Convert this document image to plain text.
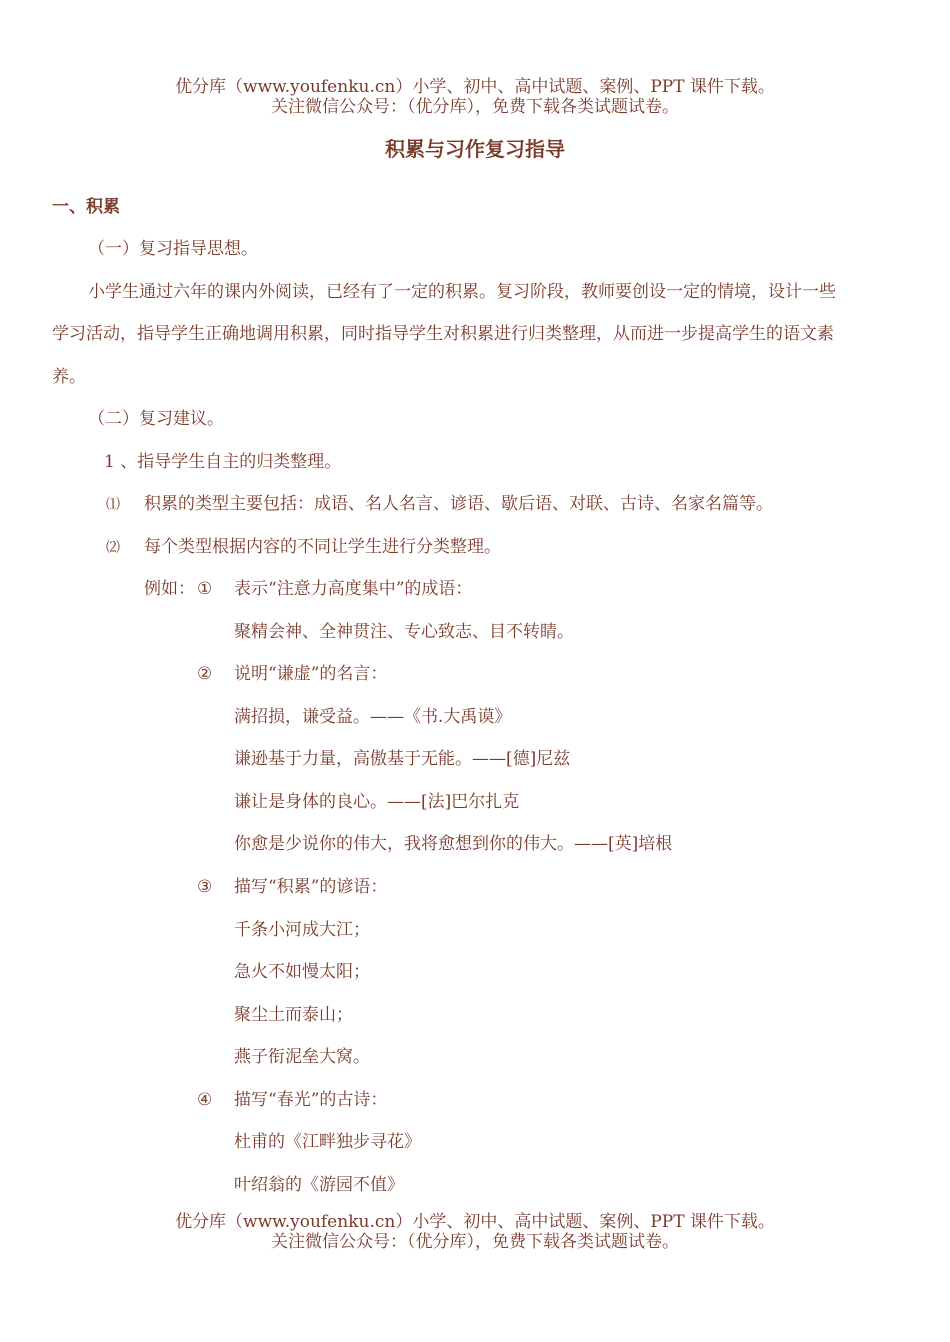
优分库（www.youfenku.cn）小学、初中、高中试题、案例、PPT 课件下载。
关注微信公众号：（优分库），免费下载各类试题试卷。
积累与习作复习指导
一、积累
（一）复习指导思想。
小学生通过六年的课内外阅读，已经有了一定的积累。复习阶段，教师要创设一定的情境，设计一些
学习活动，指导学生正确地调用积累，同时指导学生对积累进行归类整理，从而进一步提高学生的语文素
养。
（二）复习建议。
1 、指导学生自主的归类整理。
⑴ 积累的类型主要包括：成语、名人名言、谚语、歇后语、对联、古诗、名家名篇等。
⑵ 每个类型根据内容的不同让学生进行分类整理。
例如： ① 表示“注意力高度集中”的成语：
聚精会神、全神贯注、专心致志、目不转睛。
② 说明“谦虚”的名言：
满招损，谦受益。——《书.大禹谟》
谦逊基于力量，高傲基于无能。——[德]尼兹
谦让是身体的良心。——[法]巴尔扎克
你愈是少说你的伟大，我将愈想到你的伟大。——[英]培根
③ 描写“积累”的谚语：
千条小河成大江；
急火不如慢太阳；
聚尘土而泰山；
燕子衔泥垒大窝。
④ 描写“春光”的古诗：
杜甫的《江畔独步寻花》
叶绍翁的《游园不值》
优分库（www.youfenku.cn）小学、初中、高中试题、案例、PPT 课件下载。
关注微信公众号：（优分库），免费下载各类试题试卷。
